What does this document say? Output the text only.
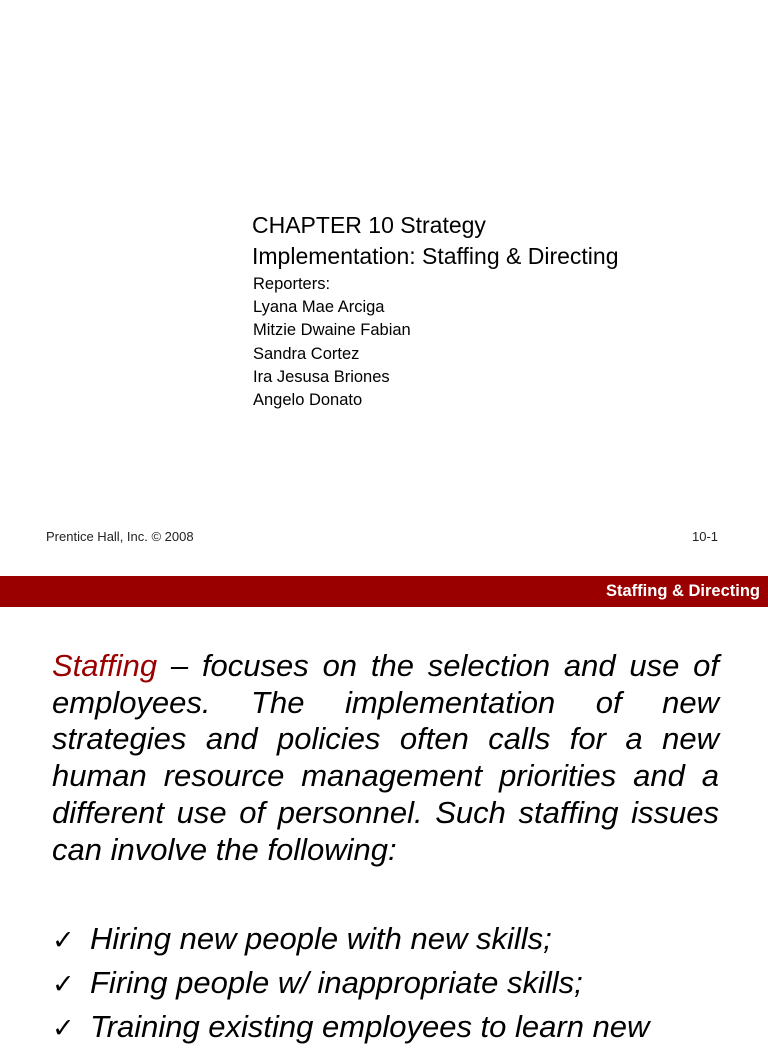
CHAPTER 10 Strategy
Implementation: Staffing & Directing
Reporters:
Lyana Mae Arciga
Mitzie Dwaine Fabian
Sandra Cortez
Ira Jesusa Briones
Angelo Donato
Prentice Hall, Inc. © 2008	10-1
Staffing & Directing

Staffing – focuses on the selection and use of employees. The implementation of new strategies and policies often calls for a new human resource management priorities and a different use of personnel. Such staffing issues can involve the following:

✓ Hiring new people with new skills;
✓ Firing people w/ inappropriate skills;
✓ Training existing employees to learn new
